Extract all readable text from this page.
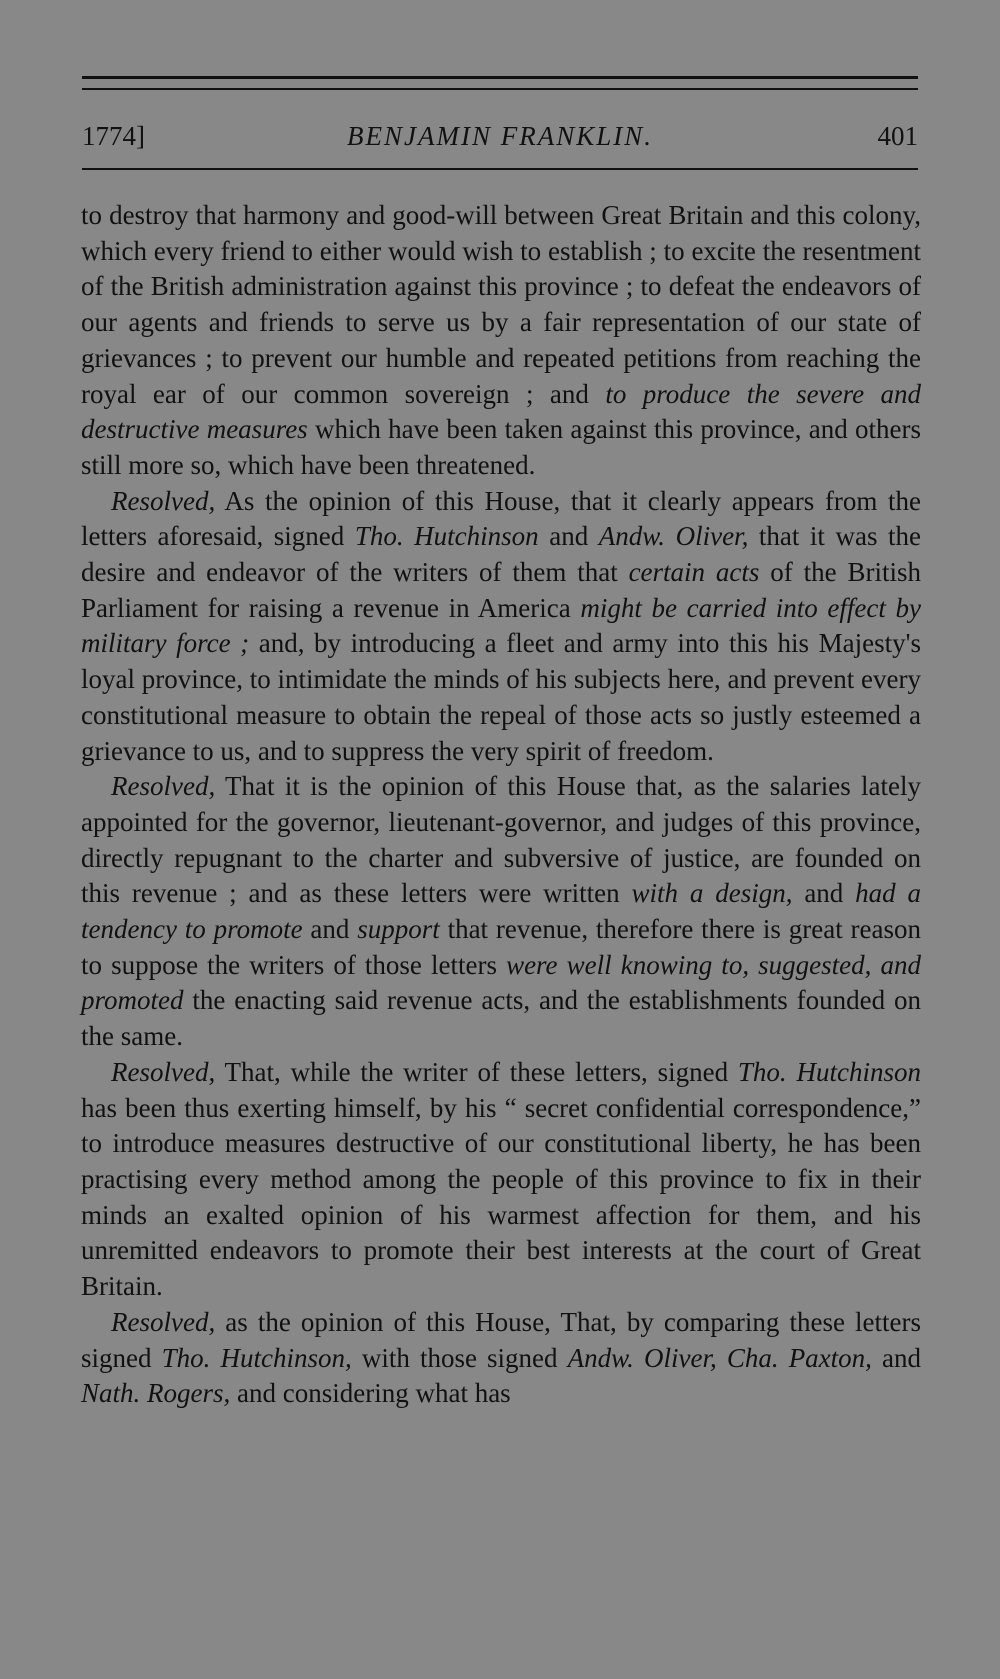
1774]	BENJAMIN FRANKLIN.	401

to destroy that harmony and good-will between Great Britain and this colony, which every friend to either would wish to establish ; to excite the resentment of the British administration against this province ; to defeat the endeavors of our agents and friends to serve us by a fair representation of our state of grievances ; to prevent our humble and repeated petitions from reaching the royal ear of our common sovereign ; and to produce the severe and destructive measures which have been taken against this province, and others still more so, which have been threatened.

Resolved, As the opinion of this House, that it clearly appears from the letters aforesaid, signed Tho. Hutchinson and Andw. Oliver, that it was the desire and endeavor of the writers of them that certain acts of the British Parliament for raising a revenue in America might be carried into effect by military force ; and, by introducing a fleet and army into this his Majesty's loyal province, to intimidate the minds of his subjects here, and prevent every constitutional measure to obtain the repeal of those acts so justly esteemed a grievance to us, and to suppress the very spirit of freedom.

Resolved, That it is the opinion of this House that, as the salaries lately appointed for the governor, lieutenant-governor, and judges of this province, directly repugnant to the charter and subversive of justice, are founded on this revenue ; and as these letters were written with a design, and had a tendency to promote and support that revenue, therefore there is great reason to suppose the writers of those letters were well knowing to, suggested, and promoted the enacting said revenue acts, and the establishments founded on the same.

Resolved, That, while the writer of these letters, signed Tho. Hutchinson has been thus exerting himself, by his “ secret confidential correspondence,” to introduce measures destructive of our constitutional liberty, he has been practising every method among the people of this province to fix in their minds an exalted opinion of his warmest affection for them, and his unremitted endeavors to promote their best interests at the court of Great Britain.

Resolved, as the opinion of this House, That, by comparing these letters signed Tho. Hutchinson, with those signed Andw. Oliver, Cha. Paxton, and Nath. Rogers, and considering what has
